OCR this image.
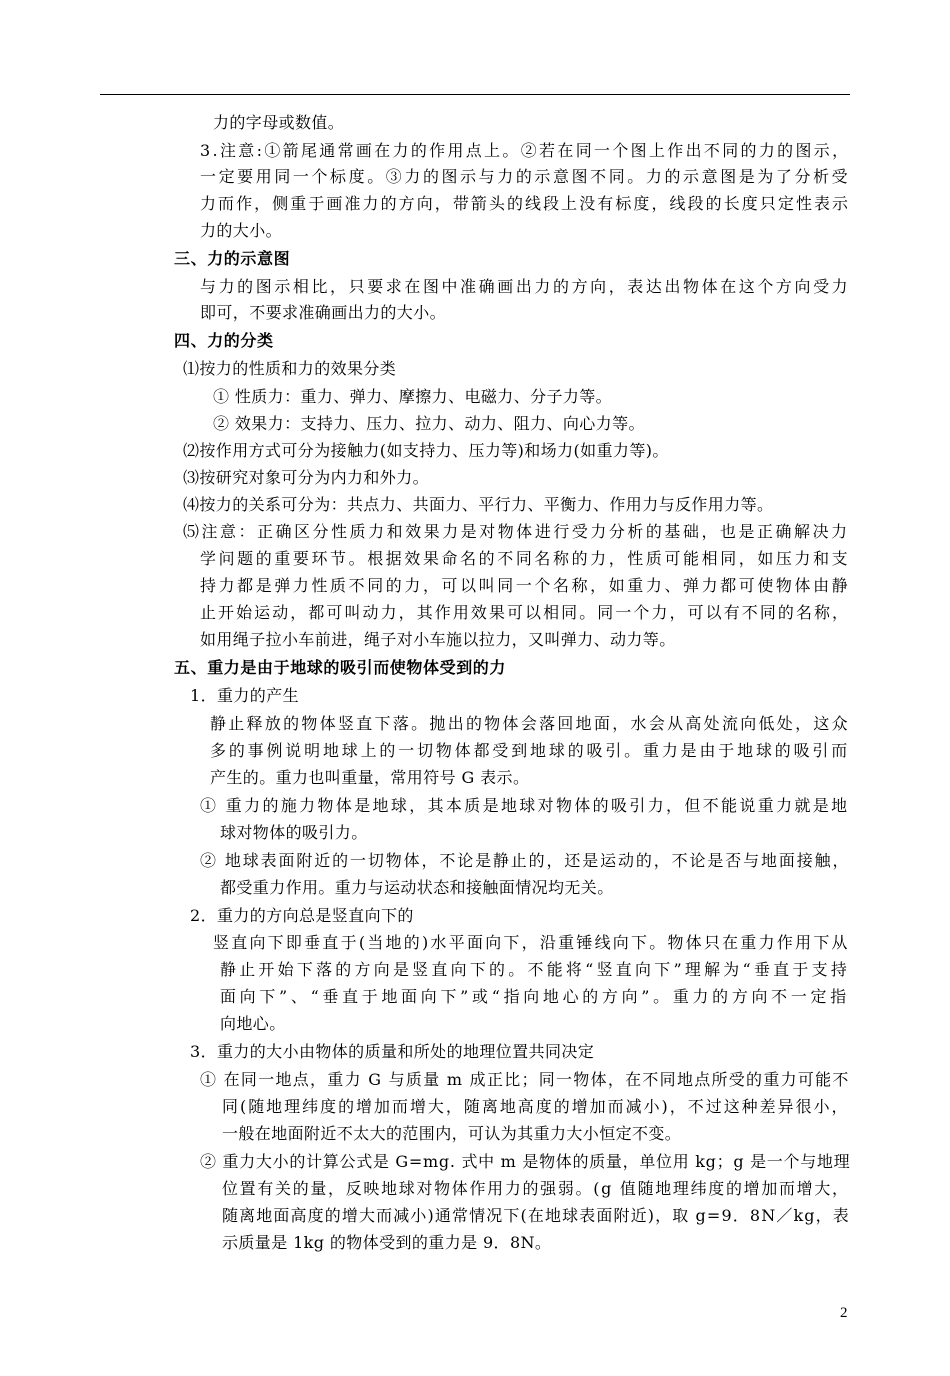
力的字母或数值。
3.注意:①箭尾通常画在力的作用点上。②若在同一个图上作出不同的力的图示，
一定要用同一个标度。③力的图示与力的示意图不同。力的示意图是为了分析受
力而作，侧重于画准力的方向，带箭头的线段上没有标度，线段的长度只定性表示
力的大小。
三、力的示意图
与力的图示相比，只要求在图中准确画出力的方向，表达出物体在这个方向受力
即可，不要求准确画出力的大小。
四、力的分类
⑴按力的性质和力的效果分类
① 性质力：重力、弹力、摩擦力、电磁力、分子力等。
② 效果力：支持力、压力、拉力、动力、阻力、向心力等。
⑵按作用方式可分为接触力(如支持力、压力等)和场力(如重力等)。
⑶按研究对象可分为内力和外力。
⑷按力的关系可分为：共点力、共面力、平行力、平衡力、作用力与反作用力等。
⑸注意：正确区分性质力和效果力是对物体进行受力分析的基础，也是正确解决力
学问题的重要环节。根据效果命名的不同名称的力，性质可能相同，如压力和支
持力都是弹力性质不同的力，可以叫同一个名称，如重力、弹力都可使物体由静
止开始运动，都可叫动力，其作用效果可以相同。同一个力，可以有不同的名称，
如用绳子拉小车前进，绳子对小车施以拉力，又叫弹力、动力等。
五、重力是由于地球的吸引而使物体受到的力
1．重力的产生
静止释放的物体竖直下落。抛出的物体会落回地面，水会从高处流向低处，这众
多的事例说明地球上的一切物体都受到地球的吸引。重力是由于地球的吸引而
产生的。重力也叫重量，常用符号 G 表示。
① 重力的施力物体是地球，其本质是地球对物体的吸引力，但不能说重力就是地
球对物体的吸引力。
② 地球表面附近的一切物体，不论是静止的，还是运动的，不论是否与地面接触，
都受重力作用。重力与运动状态和接触面情况均无关。
2．重力的方向总是竖直向下的
竖直向下即垂直于(当地的)水平面向下，沿重锤线向下。物体只在重力作用下从
静止开始下落的方向是竖直向下的。不能将“竖直向下”理解为“垂直于支持
面向下”、“垂直于地面向下”或“指向地心的方向”。重力的方向不一定指
向地心。
3．重力的大小由物体的质量和所处的地理位置共同决定
① 在同一地点，重力 G 与质量 m 成正比；同一物体，在不同地点所受的重力可能不
同(随地理纬度的增加而增大，随离地高度的增加而减小)，不过这种差异很小，
一般在地面附近不太大的范围内，可认为其重力大小恒定不变。
② 重力大小的计算公式是 G=mg. 式中 m 是物体的质量，单位用 kg；g 是一个与地理
位置有关的量，反映地球对物体作用力的强弱。(g 值随地理纬度的增加而增大，
随离地面高度的增大而减小)通常情况下(在地球表面附近)，取 g=9．8N／kg，表
示质量是 1kg 的物体受到的重力是 9．8N。
2
